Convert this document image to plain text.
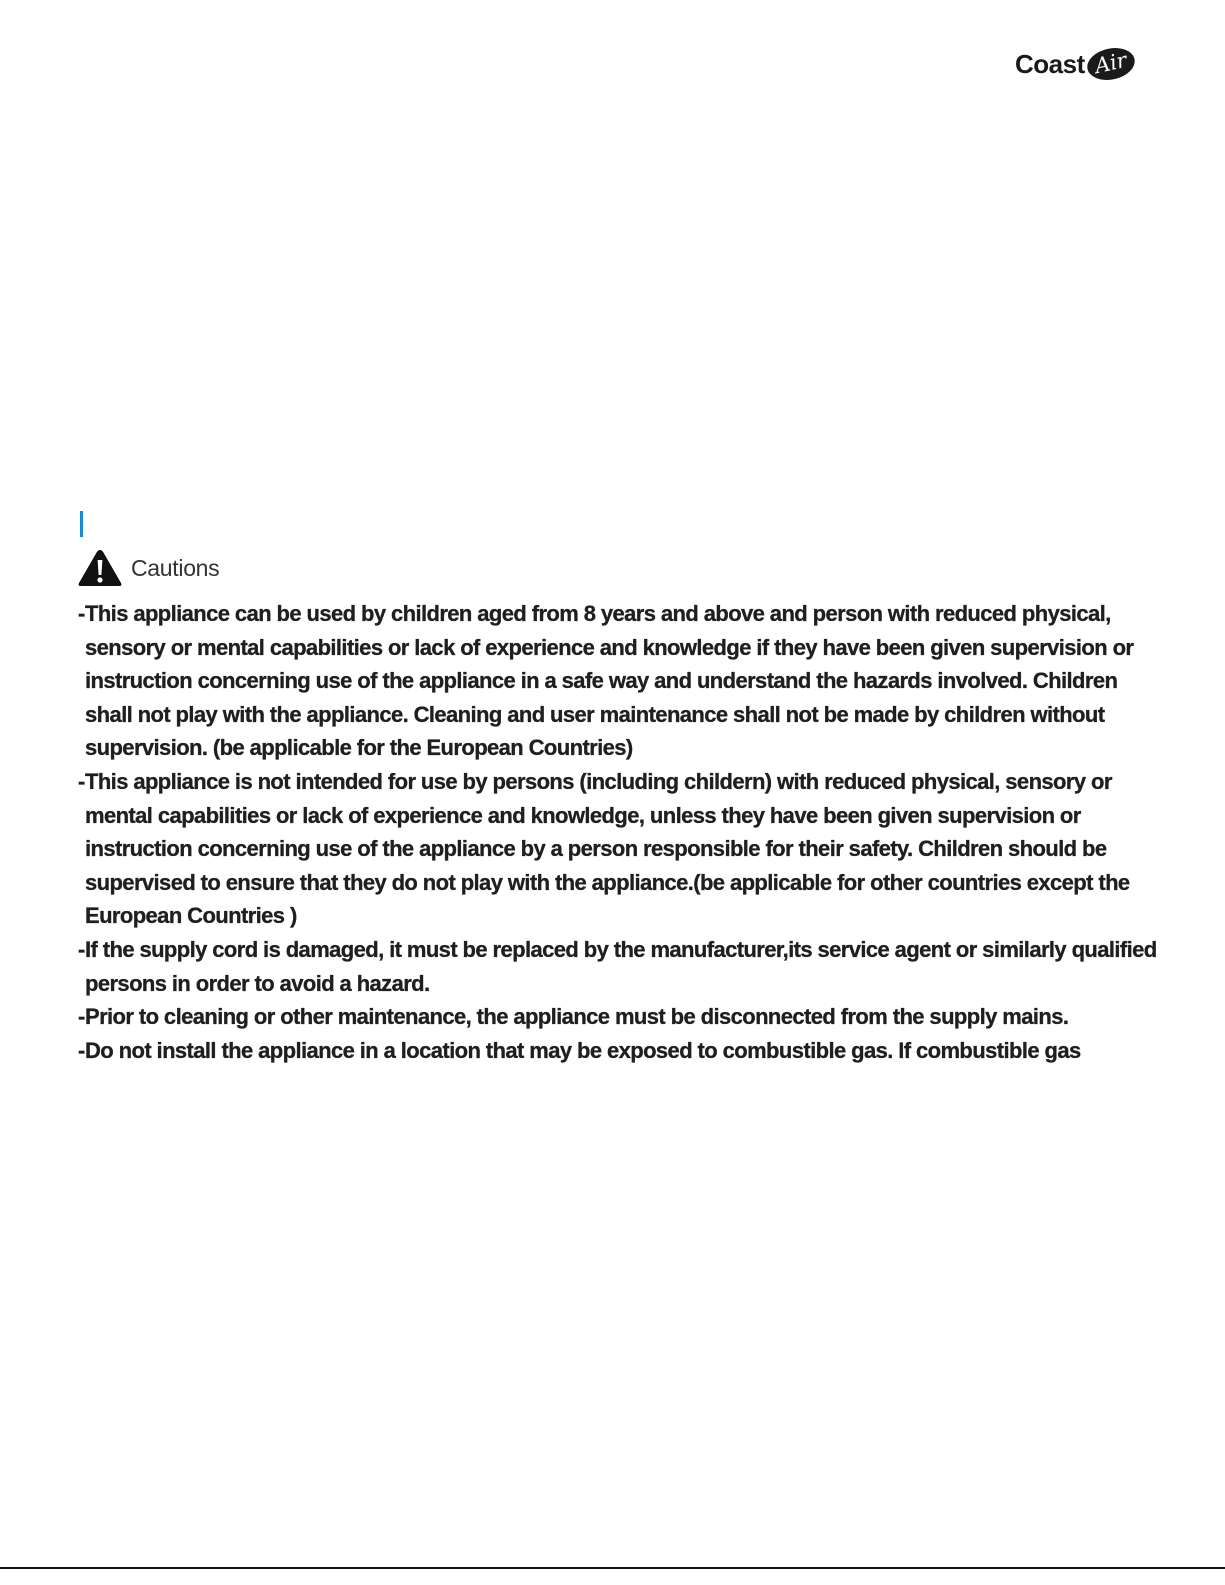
Coast Air
Cautions
- This appliance can be used by children aged from 8 years and above and person with reduced physical, sensory or mental capabilities or lack of experience and knowledge if they have been given supervision or instruction concerning use of the appliance in a safe way and understand the hazards involved. Children shall not play with the appliance. Cleaning and user maintenance shall not be made by children without supervision. (be applicable for the European Countries)
- This appliance is not intended for use by persons (including childern) with reduced physical, sensory or mental capabilities or lack of experience and knowledge, unless they have been given supervision or instruction concerning use of the appliance by a person responsible for their safety. Children should be supervised to ensure that they do not play with the appliance.(be applicable for other countries except the European Countries )
- If the supply cord is damaged, it must be replaced by the manufacturer,its service agent or similarly qualified persons in order to avoid a hazard.
- Prior to cleaning or other maintenance, the appliance must be disconnected from the supply mains.
- Do not install the appliance in a location that may be exposed to combustible gas. If combustible gas
